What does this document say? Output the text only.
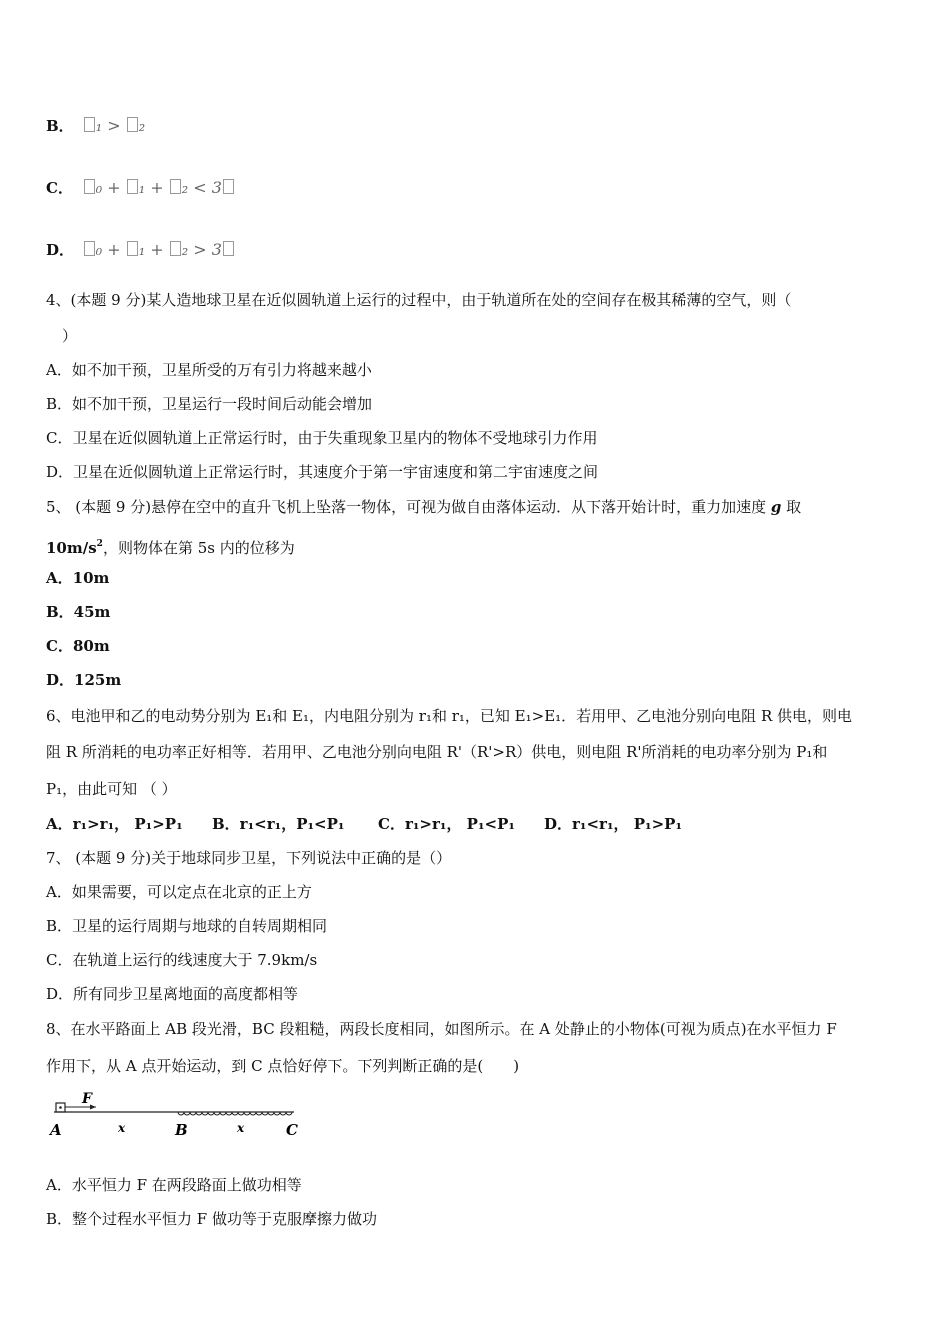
B． ₁ > ₂
C． ₀ + ₁ + ₂ < 3
D． ₀ + ₁ + ₂ > 3
4、(本题 9 分)某人造地球卫星在近似圆轨道上运行的过程中，由于轨道所在处的空间存在极其稀薄的空气，则（
）
A．如不加干预，卫星所受的万有引力将越来越小
B．如不加干预，卫星运行一段时间后动能会增加
C．卫星在近似圆轨道上正常运行时，由于失重现象卫星内的物体不受地球引力作用
D．卫星在近似圆轨道上正常运行时，其速度介于第一宇宙速度和第二宇宙速度之间
5、 (本题 9 分)悬停在空中的直升飞机上坠落一物体，可视为做自由落体运动．从下落开始计时，重力加速度 g 取
$10m/s^2$，则物体在第 5s 内的位移为
A．10m
B．45m
C．80m
D．125m
6、电池甲和乙的电动势分别为 E₁和 E₁，内电阻分别为 r₁和 r₁，已知 E₁>E₁．若用甲、乙电池分别向电阻 R 供电，则电
阻 R 所消耗的电功率正好相等．若用甲、乙电池分别向电阻 R'（R'>R）供电，则电阻 R'所消耗的电功率分别为 P₁和
P₁，由此可知 （ ）
A．r₁>r₁， P₁>P₁ B．r₁<r₁，P₁<P₁ C．r₁>r₁， P₁<P₁ D．r₁<r₁， P₁>P₁
7、 (本题 9 分)关于地球同步卫星，下列说法中正确的是（）
A．如果需要，可以定点在北京的正上方
B．卫星的运行周期与地球的自转周期相同
C．在轨道上运行的线速度大于 7.9km/s
D．所有同步卫星离地面的高度都相等
8、在水平路面上 AB 段光滑，BC 段粗糙，两段长度相同，如图所示。在 A 处静止的小物体(可视为质点)在水平恒力 F
作用下，从 A 点开始运动，到 C 点恰好停下。下列判断正确的是(　　)
F
A	x	B	x	C
A．水平恒力 F 在两段路面上做功相等
B．整个过程水平恒力 F 做功等于克服摩擦力做功
